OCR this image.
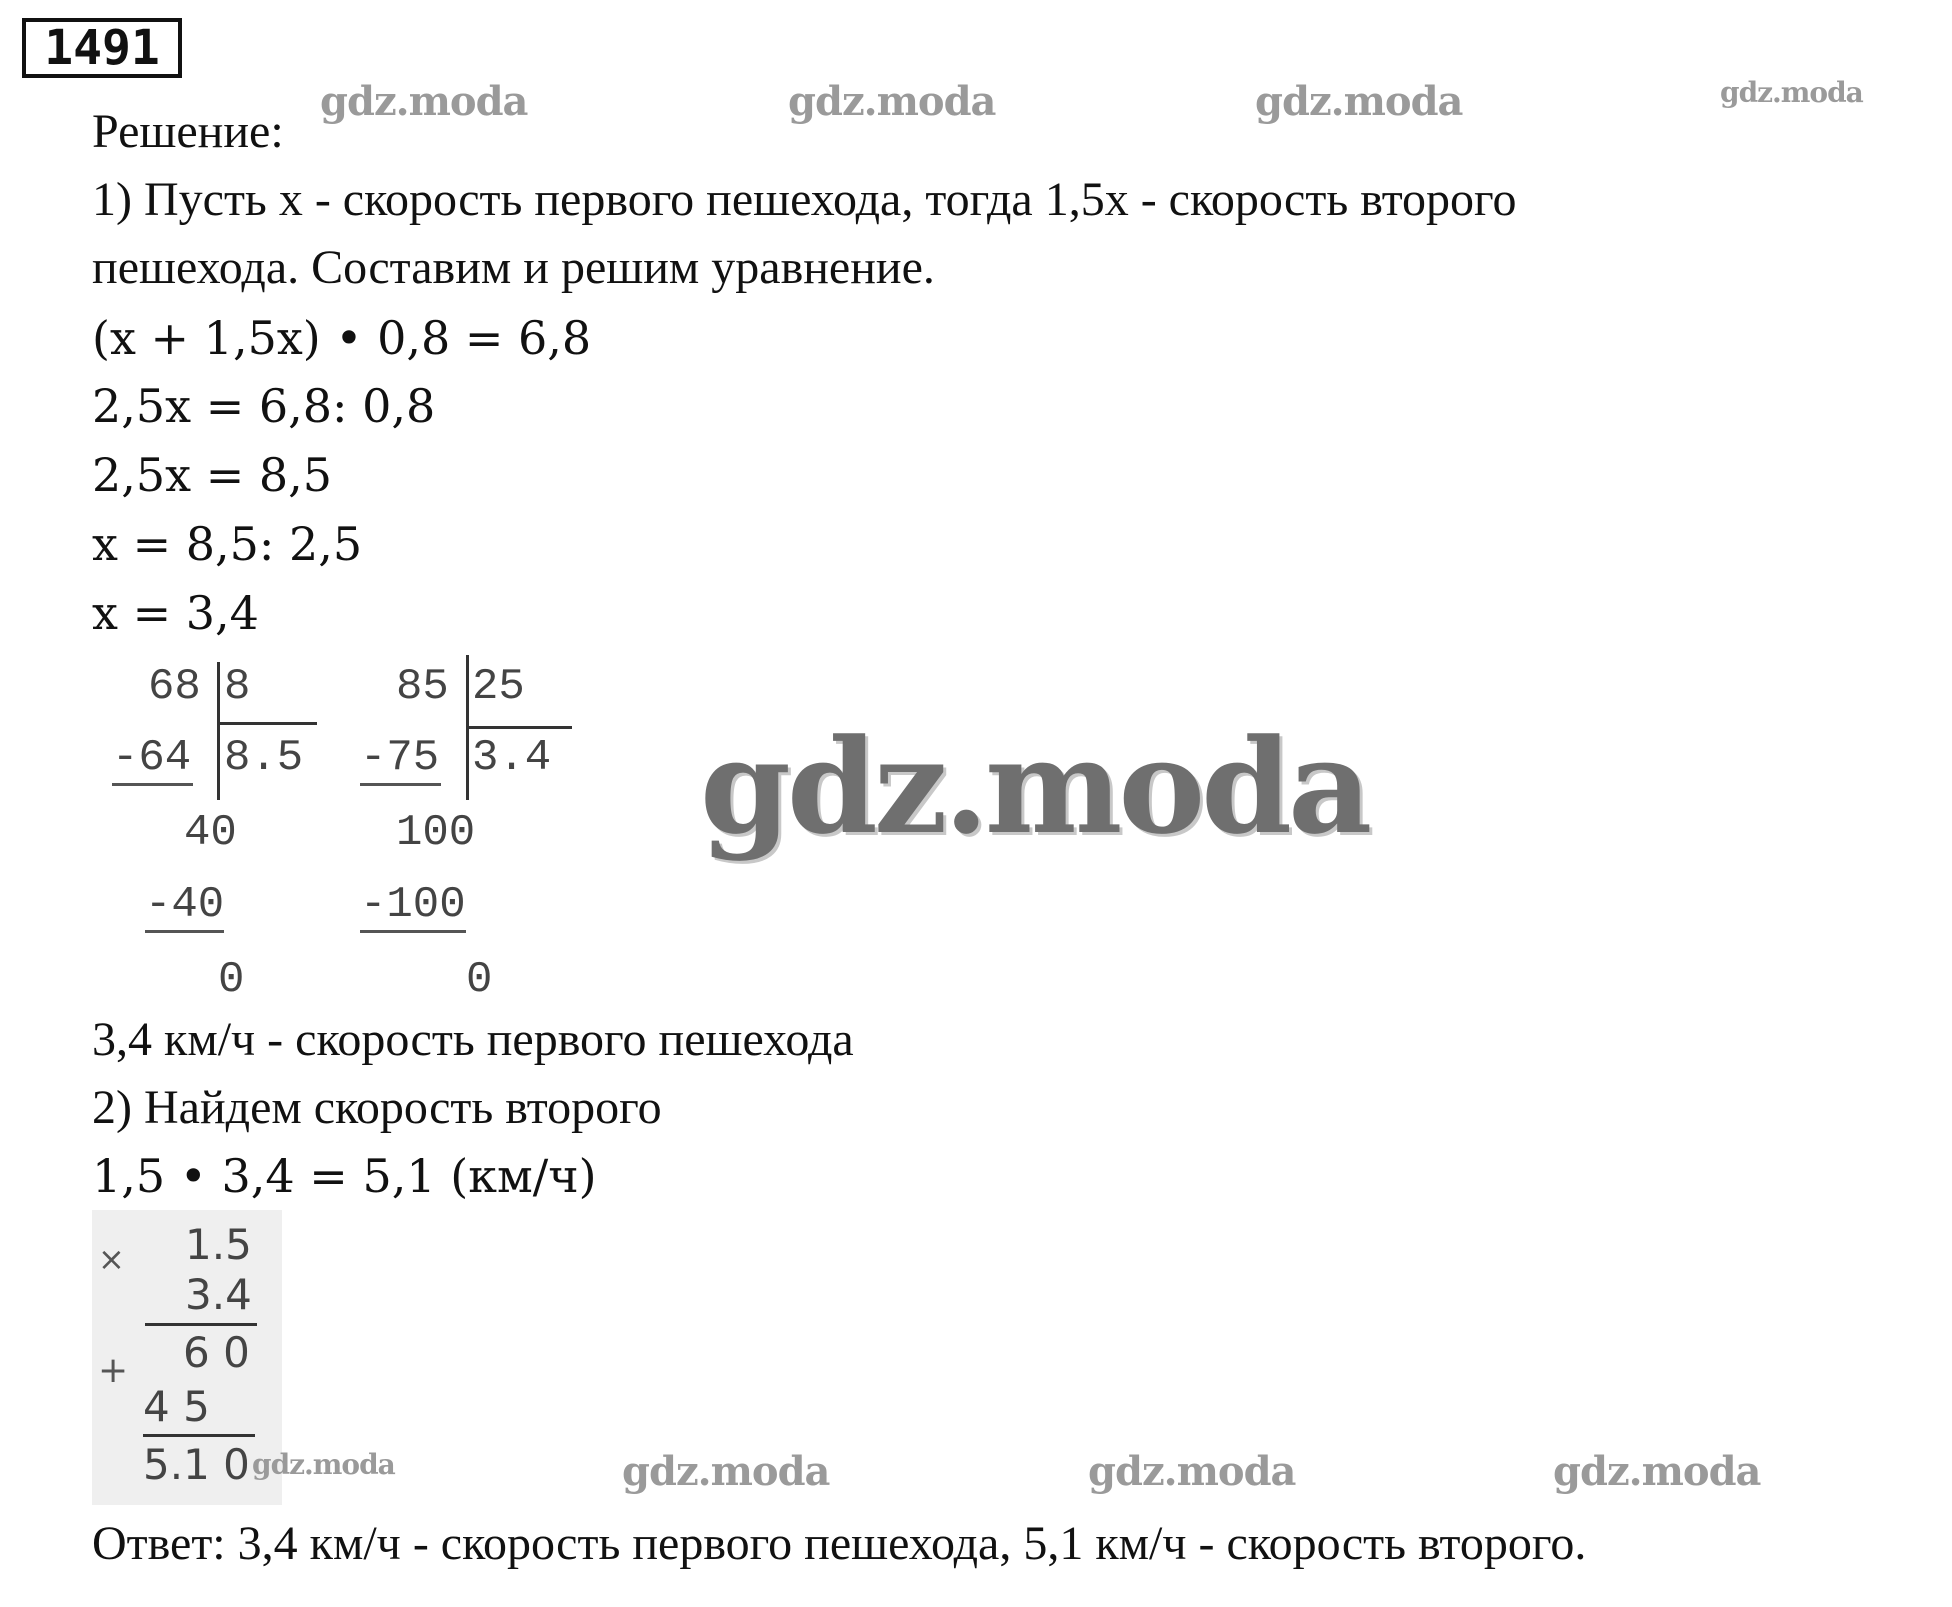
1491
gdz.moda	gdz.moda	gdz.moda	gdz.moda
Решение:
1) Пусть x - скорость первого пешехода, тогда 1,5x - скорость второго
пешехода. Составим и решим уравнение.
(x + 1,5x) • 0,8 = 6,8
2,5x = 6,8: 0,8
2,5x = 8,5
x = 8,5: 2,5
x = 3,4
68 8
-64 8.5
40
-40
0
85 25
-75 3.4
100
-100
0
gdz.moda
3,4 км/ч - скорость первого пешехода
2) Найдем скорость второго
1,5 • 3,4 = 5,1 (км/ч)
× 1.5
3.4
+ 6 0
4 5
5.1 0 gdz.moda	gdz.moda	gdz.moda	gdz.moda
Ответ: 3,4 км/ч - скорость первого пешехода, 5,1 км/ч - скорость второго.
